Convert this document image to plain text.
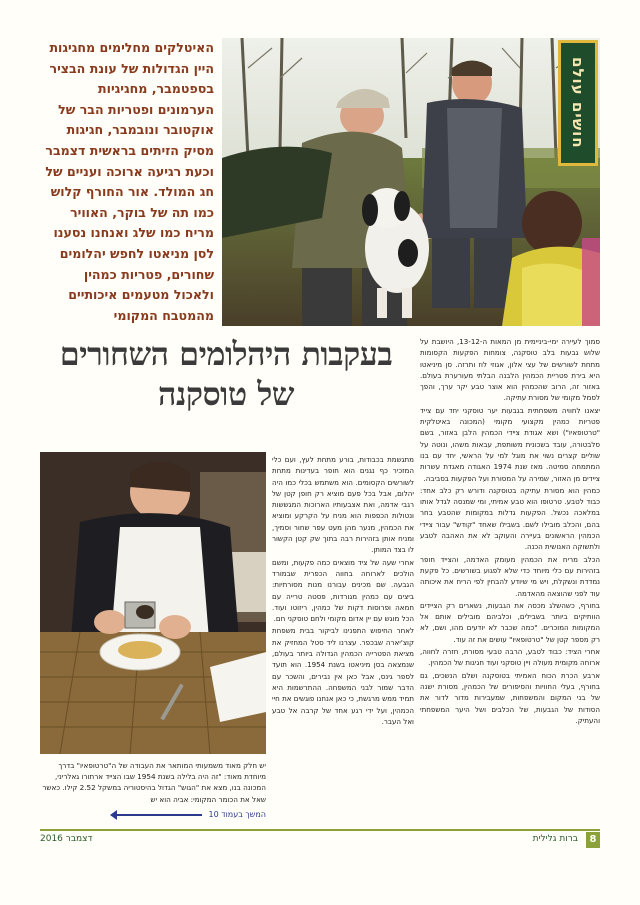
האיטלקים מחלימים מחגיגות היין הגדולות של עונת הבציר בספטמבר, מחגיגיות הערמונים ופטריות הבר של אוקטובר ונובמבר, חגיגות מסיק הזיתים בראשית דצמבר וכעת רגיעה ארוכה ועניים של חג המולד. אור החורף קלוש כמו תה של בוקר, האוויר מריח כמו שלג ואנחנו נסענו לסן מניאטו לחפש יהלומים שחורים, פטריות כמהין ולאכול מטעמים איכותיים מהמטבח המקומי
חושים עולם
בעקבות היהלומים השחורים של טוסקנה

סמוך לעיירה ימי-ביניימית מן המאות ה-13-12, היושבת על שלוש גבעות בלב טוסקנה, צומחות הפקעות הקסומות מתחת לשורשים של עצי אלון, אגוזי לוז ותרזה. סן מיניאטו היא בירת פטריית הכמהין הלבנה הבלתי מעורערת בעולם. באזור זה, הרוב שהכמהין הוא אוצר טבע יקר ערך, והפך לסמל מקומי של מסורת עתיקה.

יצאנו לחוויה משפחתית בגבעות יער טוסקני יחד עם צייד פטריות כמהין מקצועי מקומי (המכונה באיטלקית "טרטופאיו") ושא אגודת ציידי הכמהין הלבן באזור, בשם סלבטורה, עובד בשכונית משותפת, עבאות משהו, ונוטה על שוליים קצרים נשוי את מוגל למי על הראשי, יחד עם בנו המתמחה סמיטה. מאז שנת 1974 האגודה מאגדת עשרות ציידים מן האזור, שמירה על המסורת ועל הפקעות בסביבה.

כמהין הוא מסורת עתיקה בטוסקנה ודורש רק כלב אחד: כבוד לטבע. טרטופו הוא טבע אמיתי, ומי שמנסה לגדל אותו במלאכה נכשל. הפקעות גדלות במקומות שהטבע בחר בהם, והכלב מובילו לשם. בשבילו שאחד "קודש" עבור ציידי הכמהין הראשונים בעיירה והעוקב לא את האהבה לטבע ולתשוקה האנושית הכנה.

הכלב מריח את הכמהין מעומק האדמה, והצייד חופר בזהירות עם כלי מיוחד כדי שלא לפגוע בשורשים. כל פקעת נמדדת ונשקלת, ויש מי שיודע להבחין לפי הריח את איכותה עוד לפני שהוצאה מהאדמה.

בחורף, כשהשלג מכסה את הגבעות, נשארים רק הציידים הוותיקים ביותר בשבילים, וכלביהם מובילים אותם אל המקומות המוכרים. "כמה שכבר לא יודעים מהו, ושם, לא רק מספר קטן של "טרטופאיו" עושים את זה עוד.

אחרי הציד: כבוד לטבע, הרבה טבעי מסורת, חזרה לחווה, ארוחה מקומית מעולה ויין טוסקני ועוד חגיגות של הכמהין.

ארבע הכרת הכוח האמיתי בטוסקנה ושלם הנשכים, גם בחורף, בעלי החוויות והסיפורים של הכמהין, מסורת ישנה של בני המקום והמשפחות, שמעבירות מדור לדור את הסודות של הגבעות, של הכלבים ושל היער המשפחתי והעתיק.

מתגשמת בכבודות, בורע מתחת לעץ, ועם כלי המזכיר כף נגנים הוא חופר בעדינות מתחת לשורשים הקסומים. הוא משתמש בכלי כמו היה יהלום, אבל בכל פעם מוציא רק חופן קטן של רגבי אדמה, ואת אצבעותיו הארוכות המגששות ונטולות הכפפות הוא מניח על הקרקע ומוציא את הכמהין, מנער מהן מעט עפר שחור וסמיך, ומניח אותן בזהירות רבה בתוך שק קטן הקשור לו בצד המותן.

אחרי שעה של ציד מוצאים כמה פקעות, ומשם הולכים לארוחה בחווה הכפרית שבמורד הגבעה. שם מכינים עבורנו מנות מסורתיות: ביצים עם כמהין מגורדות, פסטה טרייה עם חמאה ופרוסות דקות של כמהין, ריזוטו ועוד. הכל מוגש עם יין אדום מקומי ולחם טוסקני חם.

לאחר החיפוש התפנינו לביקור בבית משפחת קוצ'יארה שבכפר. עצרנו ליד סטל המחזיק את מציאת הפטרייה הכמהין הגדולה ביותר בעולם, שנמצאה בסן מיניאטו בשנת 1954. הוא תועד לספר גינס, אבל כאן אין נבירים, והשכר עם הדבר שמור לבני המשפחה. ההתרשמות היא תמיד ממש מרגשת, כי כאן אנחנו פוגשים את חיי הכמהין, ועל ידי רגע אחד של קרבה אל טבע ואל העבר.

יש חלק מאוד משמעותי המותאר את העבודה של ה"טרטופאיו" בדרך מיוחדת מאוד: "זה היה בלילה בשנת 1954 שבו הצייד ארתורו גאלריני, המכונה בנו, מצא את "הגוש" הגדול בהיסטוריה במשקל 2.52 קילו. כאשר שאל את הכומר המקומי: אביה הוא יש
המשך בעמוד 10
8
ברות גלילית
דצמבר 2016
